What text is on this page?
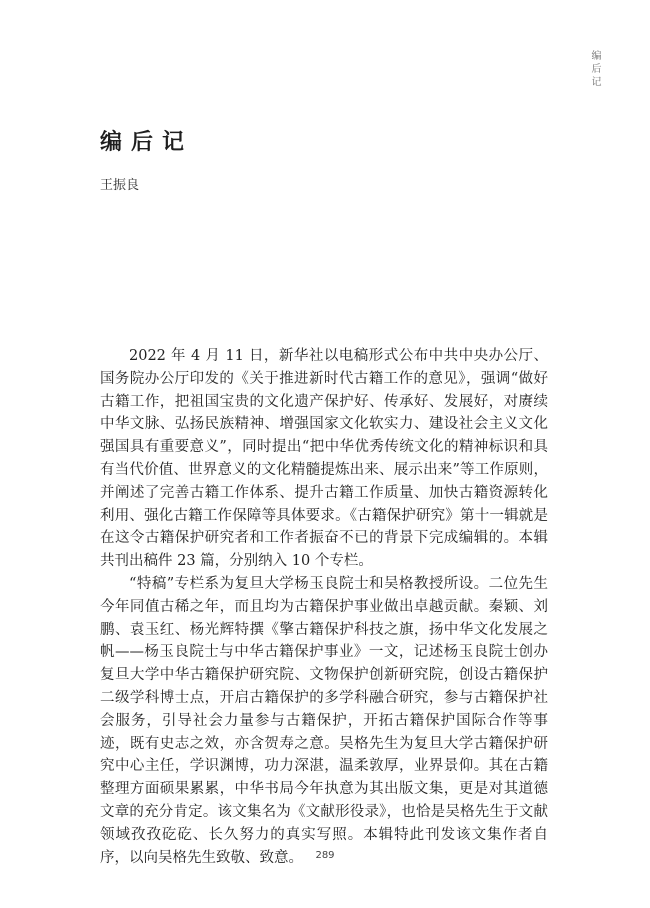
编后记
编后记
王振良

2022 年 4 月 11 日，新华社以电稿形式公布中共中央办公厅、国务院办公厅印发的《关于推进新时代古籍工作的意见》，强调“做好古籍工作，把祖国宝贵的文化遗产保护好、传承好、发展好，对赓续中华文脉、弘扬民族精神、增强国家文化软实力、建设社会主义文化强国具有重要意义”，同时提出“把中华优秀传统文化的精神标识和具有当代价值、世界意义的文化精髓提炼出来、展示出来”等工作原则，并阐述了完善古籍工作体系、提升古籍工作质量、加快古籍资源转化利用、强化古籍工作保障等具体要求。《古籍保护研究》第十一辑就是在这令古籍保护研究者和工作者振奋不已的背景下完成编辑的。本辑共刊出稿件 23 篇，分别纳入 10 个专栏。

“特稿”专栏系为复旦大学杨玉良院士和吴格教授所设。二位先生今年同值古稀之年，而且均为古籍保护事业做出卓越贡献。秦颖、刘鹏、袁玉红、杨光辉特撰《擎古籍保护科技之旗，扬中华文化发展之帆——杨玉良院士与中华古籍保护事业》一文，记述杨玉良院士创办复旦大学中华古籍保护研究院、文物保护创新研究院，创设古籍保护二级学科博士点，开启古籍保护的多学科融合研究，参与古籍保护社会服务，引导社会力量参与古籍保护，开拓古籍保护国际合作等事迹，既有史志之效，亦含贺寿之意。吴格先生为复旦大学古籍保护研究中心主任，学识渊博，功力深湛，温柔敦厚，业界景仰。其在古籍整理方面硕果累累，中华书局今年执意为其出版文集，更是对其道德文章的充分肯定。该文集名为《文献形役录》，也恰是吴格先生于文献领域孜孜矻矻、长久努力的真实写照。本辑特此刊发该文集作者自序，以向吴格先生致敬、致意。	289
